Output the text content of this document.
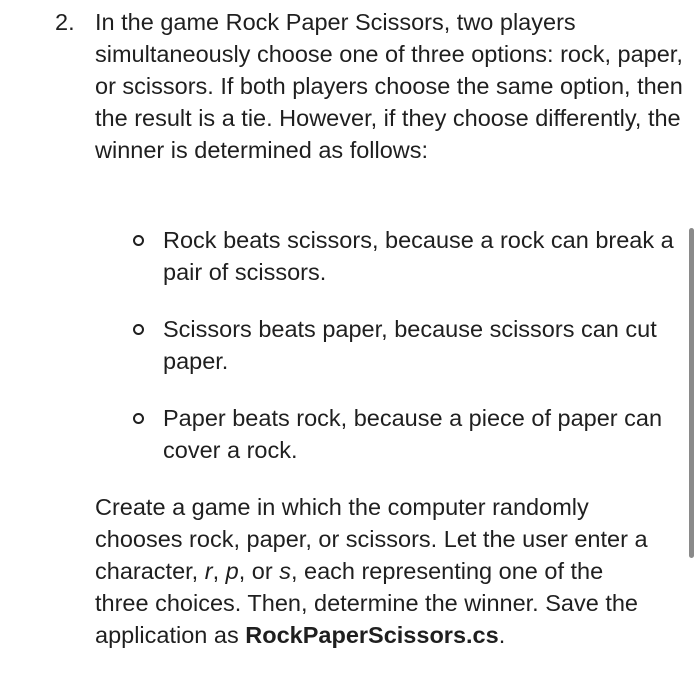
2. In the game Rock Paper Scissors, two players simultaneously choose one of three options: rock, paper, or scissors. If both players choose the same option, then the result is a tie. However, if they choose differently, the winner is determined as follows:

Rock beats scissors, because a rock can break a pair of scissors.
Scissors beats paper, because scissors can cut paper.
Paper beats rock, because a piece of paper can cover a rock.

Create a game in which the computer randomly chooses rock, paper, or scissors. Let the user enter a character, r, p, or s, each representing one of the three choices. Then, determine the winner. Save the application as RockPaperScissors.cs.
